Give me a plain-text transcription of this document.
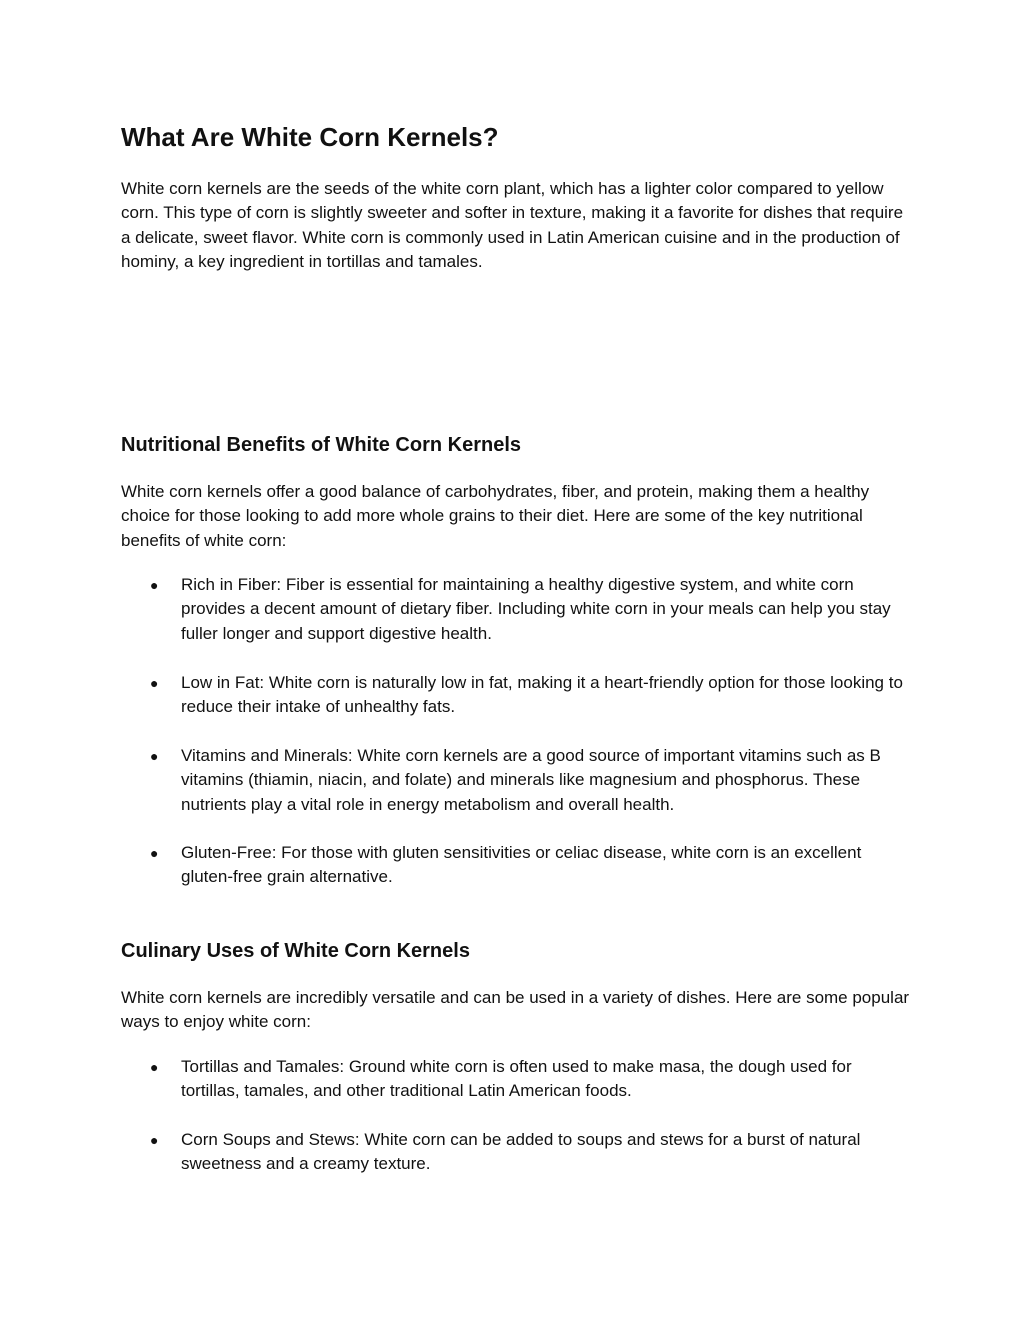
What Are White Corn Kernels?

White corn kernels are the seeds of the white corn plant, which has a lighter color compared to yellow corn. This type of corn is slightly sweeter and softer in texture, making it a favorite for dishes that require a delicate, sweet flavor. White corn is commonly used in Latin American cuisine and in the production of hominy, a key ingredient in tortillas and tamales.

Nutritional Benefits of White Corn Kernels

White corn kernels offer a good balance of carbohydrates, fiber, and protein, making them a healthy choice for those looking to add more whole grains to their diet. Here are some of the key nutritional benefits of white corn:

● Rich in Fiber: Fiber is essential for maintaining a healthy digestive system, and white corn provides a decent amount of dietary fiber. Including white corn in your meals can help you stay fuller longer and support digestive health.
● Low in Fat: White corn is naturally low in fat, making it a heart-friendly option for those looking to reduce their intake of unhealthy fats.
● Vitamins and Minerals: White corn kernels are a good source of important vitamins such as B vitamins (thiamin, niacin, and folate) and minerals like magnesium and phosphorus. These nutrients play a vital role in energy metabolism and overall health.
● Gluten-Free: For those with gluten sensitivities or celiac disease, white corn is an excellent gluten-free grain alternative.
Culinary Uses of White Corn Kernels

White corn kernels are incredibly versatile and can be used in a variety of dishes. Here are some popular ways to enjoy white corn:

● Tortillas and Tamales: Ground white corn is often used to make masa, the dough used for tortillas, tamales, and other traditional Latin American foods.
● Corn Soups and Stews: White corn can be added to soups and stews for a burst of natural sweetness and a creamy texture.
